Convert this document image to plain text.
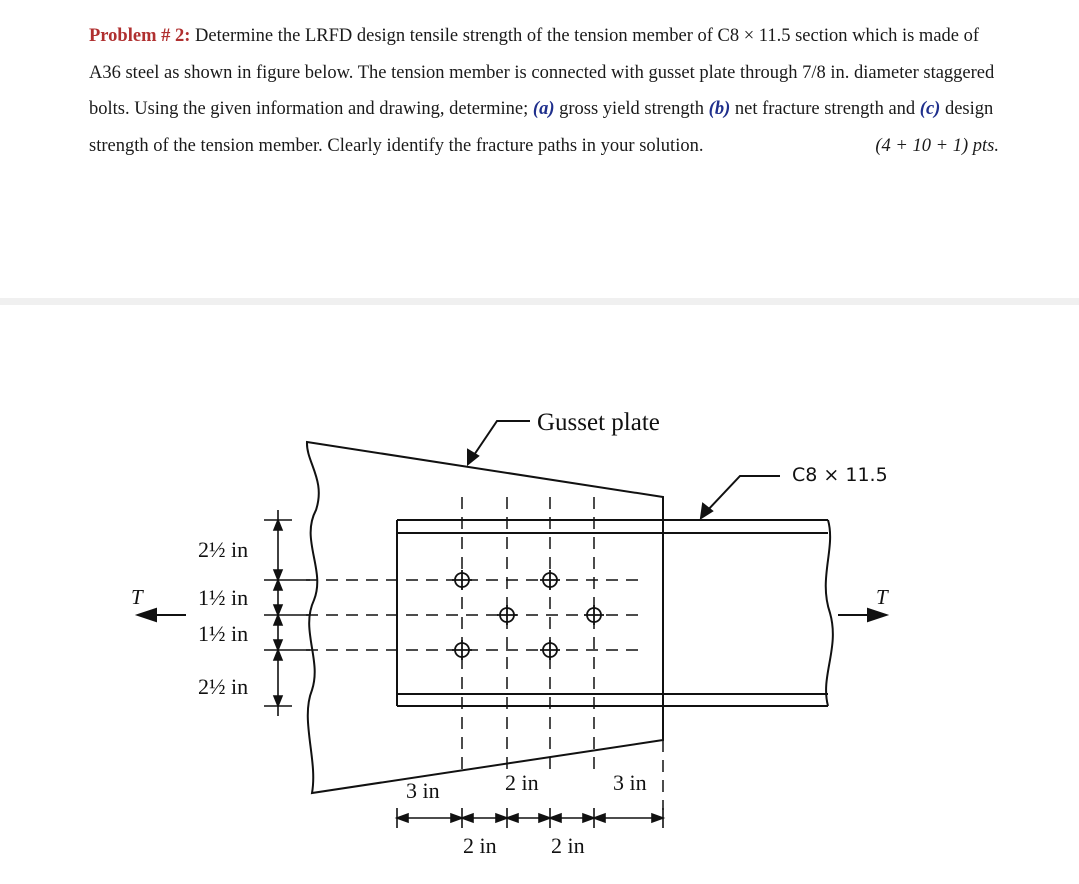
Problem # 2: Determine the LRFD design tensile strength of the tension member of C8 × 11.5 section which is made of A36 steel as shown in figure below. The tension member is connected with gusset plate through 7/8 in. diameter staggered bolts. Using the given information and drawing, determine; (a) gross yield strength (b) net fracture strength and (c) design strength of the tension member. Clearly identify the fracture paths in your solution.	(4 + 10 + 1) pts.

Gusset plate
C8 × 11.5
T	T
2½ in
1½ in
1½ in
2½ in
3 in	2 in	3 in
2 in 2 in
